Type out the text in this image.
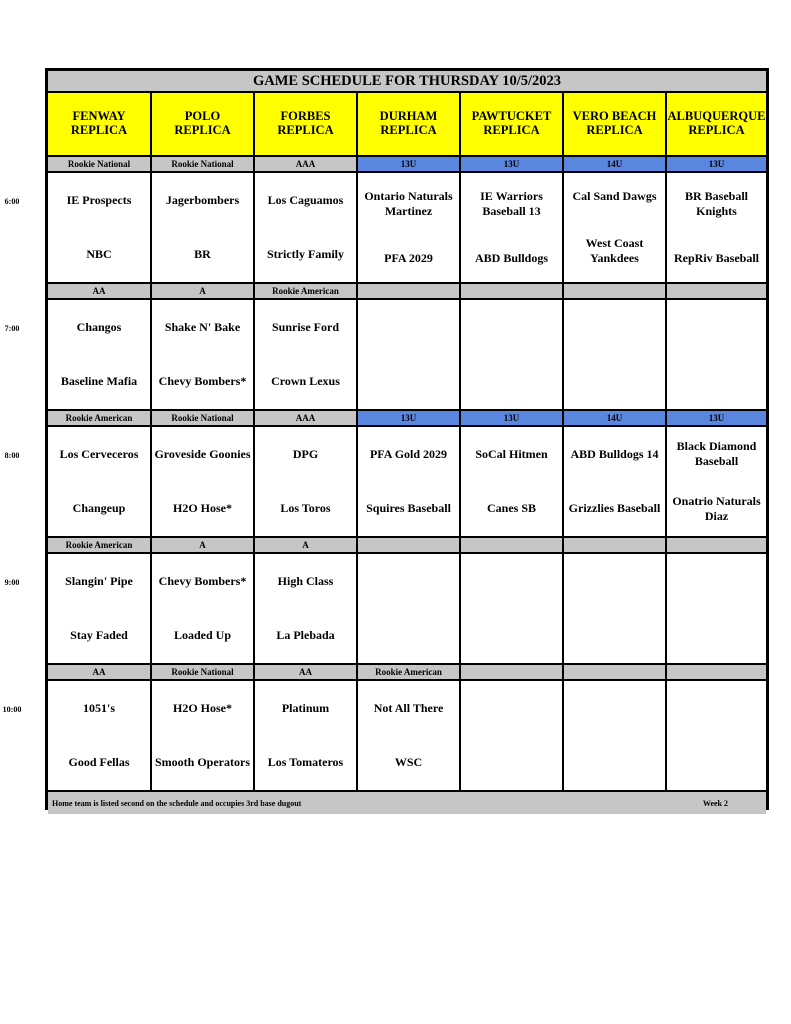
GAME SCHEDULE FOR THURSDAY 10/5/2023
FENWAY
REPLICA
POLO
REPLICA
FORBES
REPLICA
DURHAM
REPLICA
PAWTUCKET
REPLICA
VERO BEACH
REPLICA
ALBUQUERQUE
REPLICA
6:00
Rookie National
IE Prospects
NBC
Rookie National
Jagerbombers
BR
AAA
Los Caguamos
Strictly Family
13U
Ontario Naturals Martinez
PFA 2029
13U
IE Warriors Baseball 13
ABD Bulldogs
14U
Cal Sand Dawgs
West Coast Yankdees
13U
BR Baseball Knights
RepRiv Baseball
7:00
AA
Changos
Baseline Mafia
A
Shake N' Bake
Chevy Bombers*
Rookie American
Sunrise Ford
Crown Lexus
8:00
Rookie American
Los Cerveceros
Changeup
Rookie National
Groveside Goonies
H2O Hose*
AAA
DPG
Los Toros
13U
PFA Gold 2029
Squires Baseball
13U
SoCal Hitmen
Canes SB
14U
ABD Bulldogs 14
Grizzlies Baseball
13U
Black Diamond Baseball
Onatrio Naturals Diaz
9:00
Rookie American
Slangin' Pipe
Stay Faded
A
Chevy Bombers*
Loaded Up
A
High Class
La Plebada
10:00
AA
1051's
Good Fellas
Rookie National
H2O Hose*
Smooth Operators
AA
Platinum
Los Tomateros
Rookie American
Not All There
WSC
Home team is listed second on the schedule and occupies 3rd base dugout	Week 2
